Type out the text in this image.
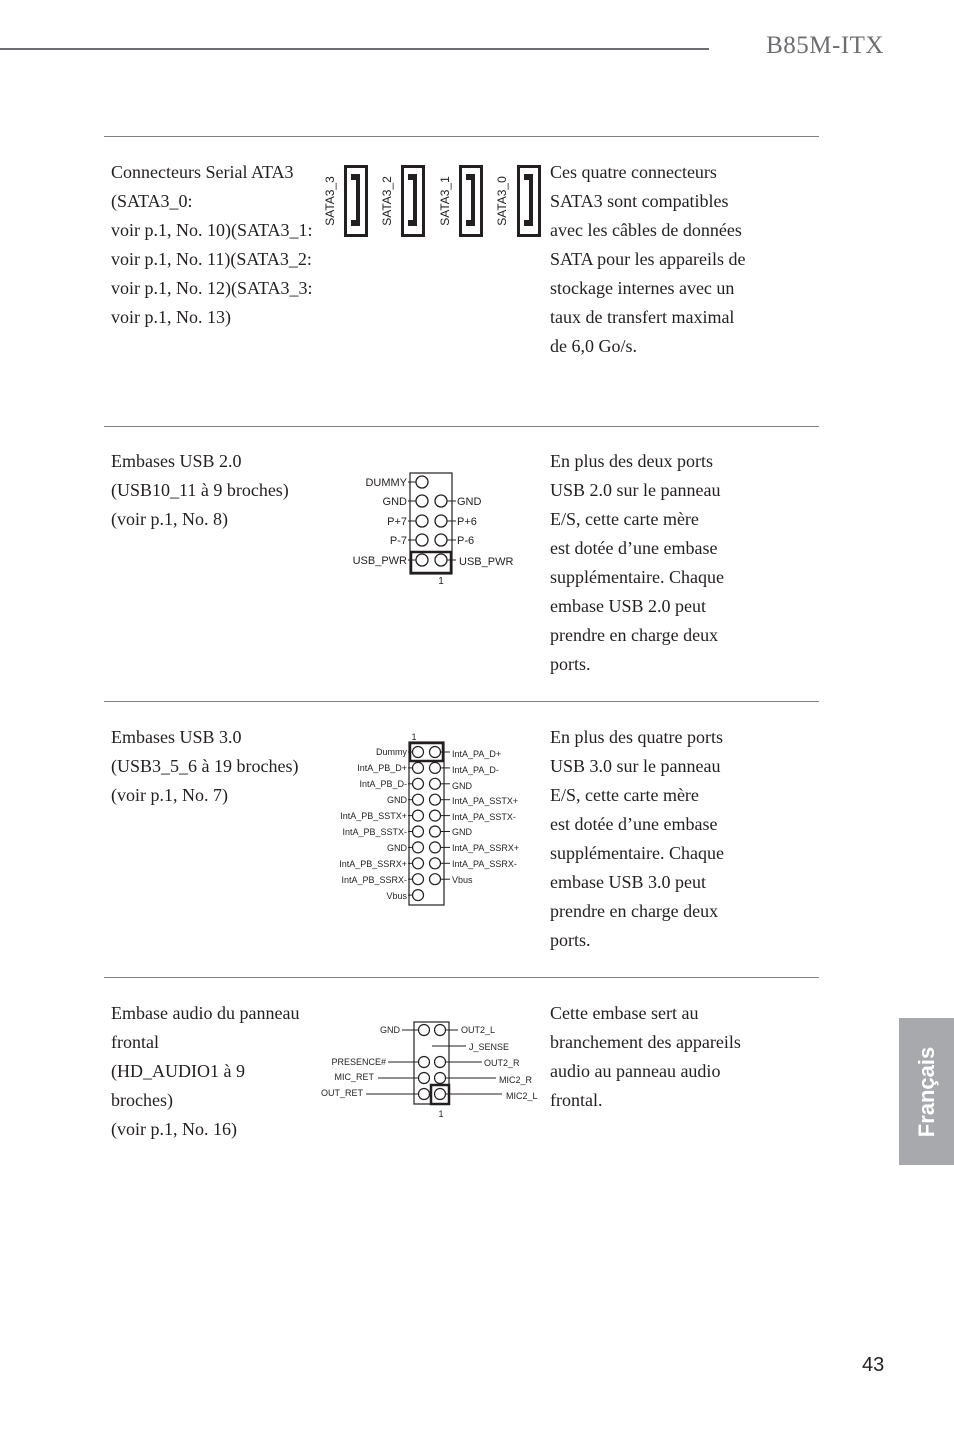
B85M-ITX
Connecteurs Serial ATA3
(SATA3_0:
voir p.1, No. 10)(SATA3_1:
voir p.1, No. 11)(SATA3_2:
voir p.1, No. 12)(SATA3_3:
voir p.1, No. 13)
Ces quatre connecteurs
SATA3 sont compatibles
avec les câbles de données
SATA pour les appareils de
stockage internes avec un
taux de transfert maximal
de 6,0 Go/s.
SATA3_3	SATA3_2	SATA3_1	SATA3_0
Embases USB 2.0
(USB10_11 à 9 broches)
(voir p.1, No. 8)
En plus des deux ports
USB 2.0 sur le panneau
E/S, cette carte mère
est dotée d’une embase
supplémentaire. Chaque
embase USB 2.0 peut
prendre en charge deux
ports.
DUMMY
GND
P+7
P-7
USB_PWR
GND
P+6
P-6
USB_PWR
1
Embases USB 3.0
(USB3_5_6 à 19 broches)
(voir p.1, No. 7)
En plus des quatre ports
USB 3.0 sur le panneau
E/S, cette carte mère
est dotée d’une embase
supplémentaire. Chaque
embase USB 3.0 peut
prendre en charge deux
ports.
1
Dummy
IntA_PB_D+
IntA_PB_D-
GND
IntA_PB_SSTX+
IntA_PB_SSTX-
GND
IntA_PB_SSRX+
IntA_PB_SSRX-
Vbus
IntA_PA_D+
IntA_PA_D-
GND
IntA_PA_SSTX+
IntA_PA_SSTX-
GND
IntA_PA_SSRX+
IntA_PA_SSRX-
Vbus
Embase audio du panneau
frontal
(HD_AUDIO1 à 9
broches)
(voir p.1, No. 16)
Cette embase sert au
branchement des appareils
audio au panneau audio
frontal.
GND
PRESENCE#
MIC_RET
OUT_RET
OUT2_L
J_SENSE
OUT2_R
MIC2_R
MIC2_L
1	Français
43
